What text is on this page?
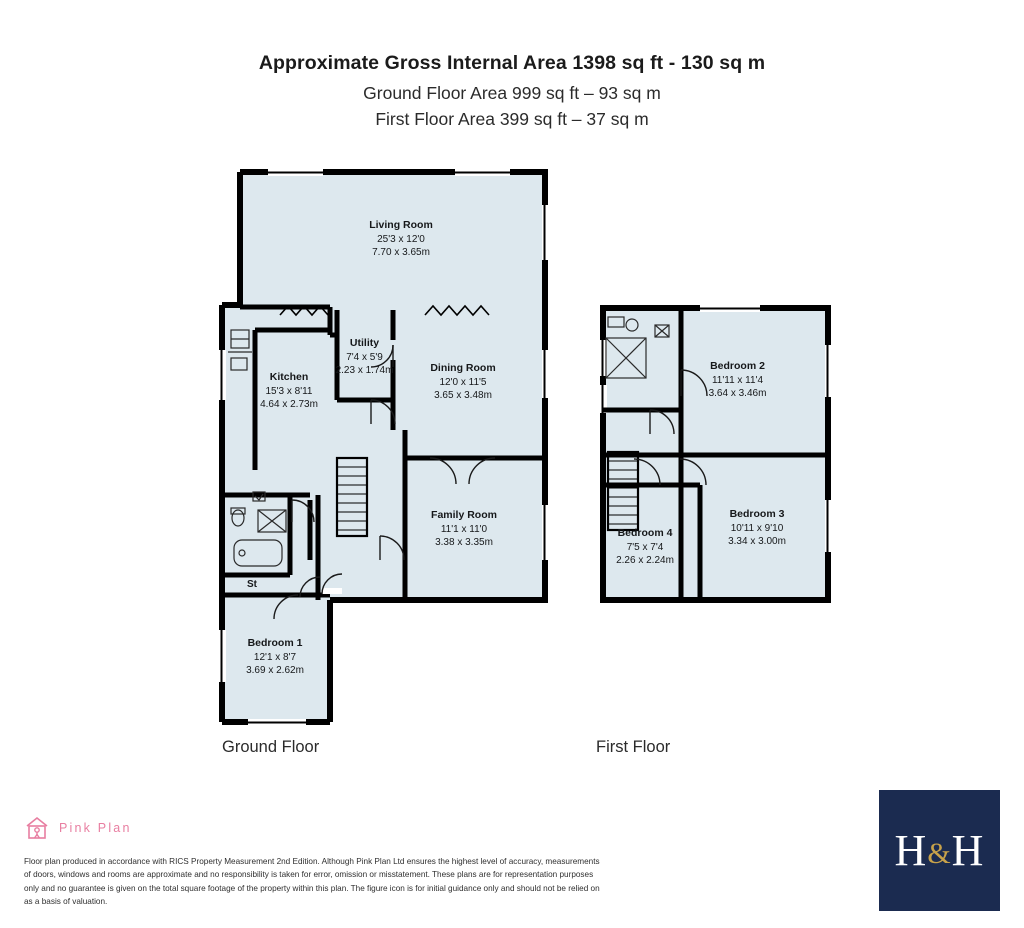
Approximate Gross Internal Area 1398 sq ft - 130 sq m
Ground Floor Area 999 sq ft – 93 sq m
First Floor Area 399 sq ft – 37 sq m
Living Room
25'3 x 12'0
7.70 x 3.65m
Utility
7'4 x 5'9
2.23 x 1.74m
Kitchen
15'3 x 8'11
4.64 x 2.73m
Dining Room
12'0 x 11'5
3.65 x 3.48m
Family Room
11'1 x 11'0
3.38 x 3.35m
Bedroom 1
12'1 x 8'7
3.69 x 2.62m
St
Bedroom 2
11'11 x 11'4
3.64 x 3.46m
Bedroom 3
10'11 x 9'10
3.34 x 3.00m
Bedroom 4
7'5 x 7'4
2.26 x 2.24m
Ground Floor	First Floor
Pink Plan
Floor plan produced in accordance with RICS Property Measurement 2nd Edition. Although Pink Plan Ltd ensures the highest level of accuracy, measurements of doors, windows and rooms are approximate and no responsibility is taken for error, omission or misstatement. These plans are for representation purposes only and no guarantee is given on the total square footage of the property within this plan. The figure icon is for initial guidance only and should not be relied on as a basis of valuation.
H&H
